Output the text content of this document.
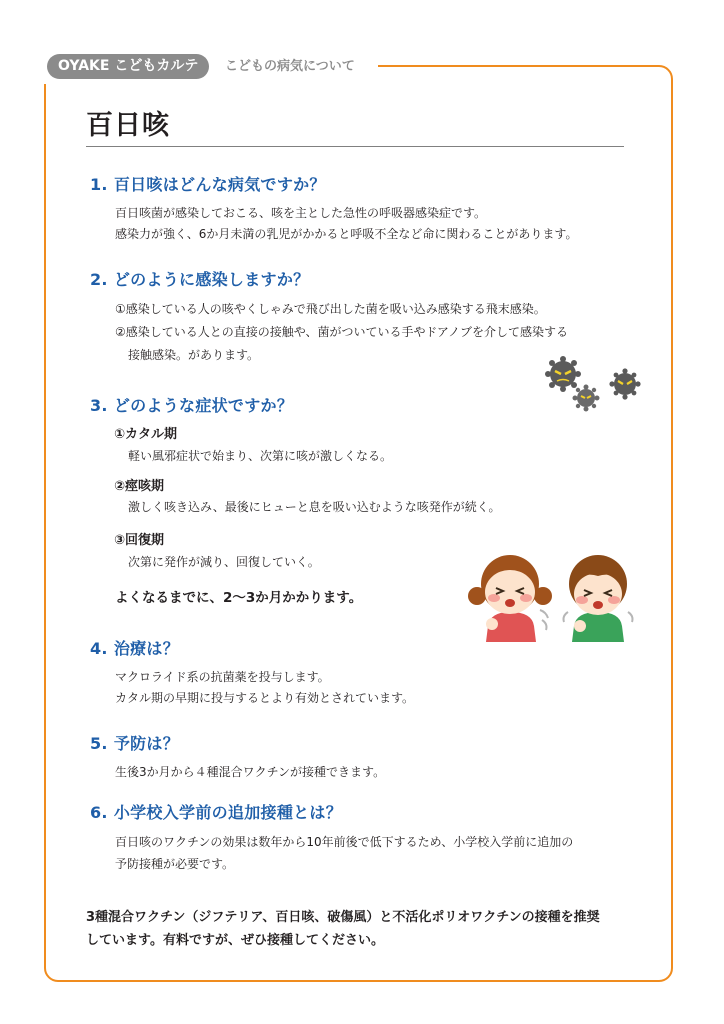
OYAKE こどもカルテ	こどもの病気について
百日咳
1. 百日咳はどんな病気ですか？
百日咳菌が感染しておこる、咳を主とした急性の呼吸器感染症です。
感染力が強く、6か月未満の乳児がかかると呼吸不全など命に関わることがあります。
2. どのように感染しますか？
①感染している人の咳やくしゃみで飛び出した菌を吸い込み感染する飛末感染。
②感染している人との直接の接触や、菌がついている手やドアノブを介して感染する
接触感染。があります。
3. どのような症状ですか？
①カタル期
軽い風邪症状で始まり、次第に咳が激しくなる。
②痙咳期
激しく咳き込み、最後にヒューと息を吸い込むような咳発作が続く。
③回復期
次第に発作が減り、回復していく。
よくなるまでに、2〜3か月かかります。
4. 治療は？
マクロライド系の抗菌薬を投与します。
カタル期の早期に投与するとより有効とされています。
5. 予防は？
生後3か月から４種混合ワクチンが接種できます。
6. 小学校入学前の追加接種とは？
百日咳のワクチンの効果は数年から10年前後で低下するため、小学校入学前に追加の
予防接種が必要です。
3種混合ワクチン（ジフテリア、百日咳、破傷風）と不活化ポリオワクチンの接種を推奨
しています。有料ですが、ぜひ接種してください。
